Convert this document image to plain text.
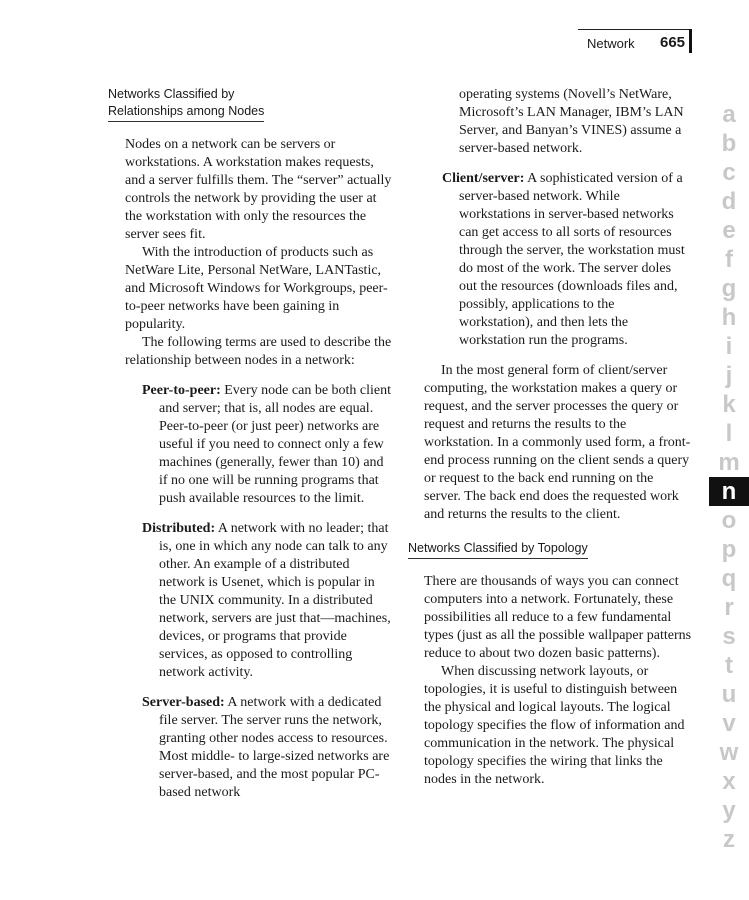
Network 665
Networks Classified by
Relationships among Nodes

Nodes on a network can be servers or workstations. A workstation makes requests, and a server fulfills them. The “server” actually controls the network by providing the user at the workstation with only the resources the server sees fit.

With the introduction of products such as NetWare Lite, Personal NetWare, LANTastic, and Microsoft Windows for Workgroups, peer-to-peer networks have been gaining in popularity.

The following terms are used to describe the relationship between nodes in a network:

Peer-to-peer: Every node can be both client and server; that is, all nodes are equal. Peer-to-peer (or just peer) networks are useful if you need to connect only a few machines (generally, fewer than 10) and if no one will be running programs that push available resources to the limit.

Distributed: A network with no leader; that is, one in which any node can talk to any other. An example of a distributed network is Usenet, which is popular in the UNIX community. In a distributed network, servers are just that—machines, devices, or programs that provide services, as opposed to controlling network activity.

Server-based: A network with a dedicated file server. The server runs the network, granting other nodes access to resources. Most middle- to large-sized networks are server-based, and the most popular PC-based network

operating systems (Novell’s NetWare, Microsoft’s LAN Manager, IBM’s LAN Server, and Banyan’s VINES) assume a server-based network.

Client/server: A sophisticated version of a server-based network. While workstations in server-based networks can get access to all sorts of resources through the server, the workstation must do most of the work. The server doles out the resources (downloads files and, possibly, applications to the workstation), and then lets the workstation run the programs.

In the most general form of client/server computing, the workstation makes a query or request, and the server processes the query or request and returns the results to the workstation. In a commonly used form, a front-end process running on the client sends a query or request to the back end running on the server. The back end does the requested work and returns the results to the client.

Networks Classified by Topology

There are thousands of ways you can connect computers into a network. Fortunately, these possibilities all reduce to a few fundamental types (just as all the possible wallpaper patterns reduce to about two dozen basic patterns).

When discussing network layouts, or topologies, it is useful to distinguish between the physical and logical layouts. The logical topology specifies the flow of information and communication in the network. The physical topology specifies the wiring that links the nodes in the network.

a
b
c
d
e
f
g
h
i
j
k
l
m
n
o
p
q
r
s
t
u
v
w
x
y
z
